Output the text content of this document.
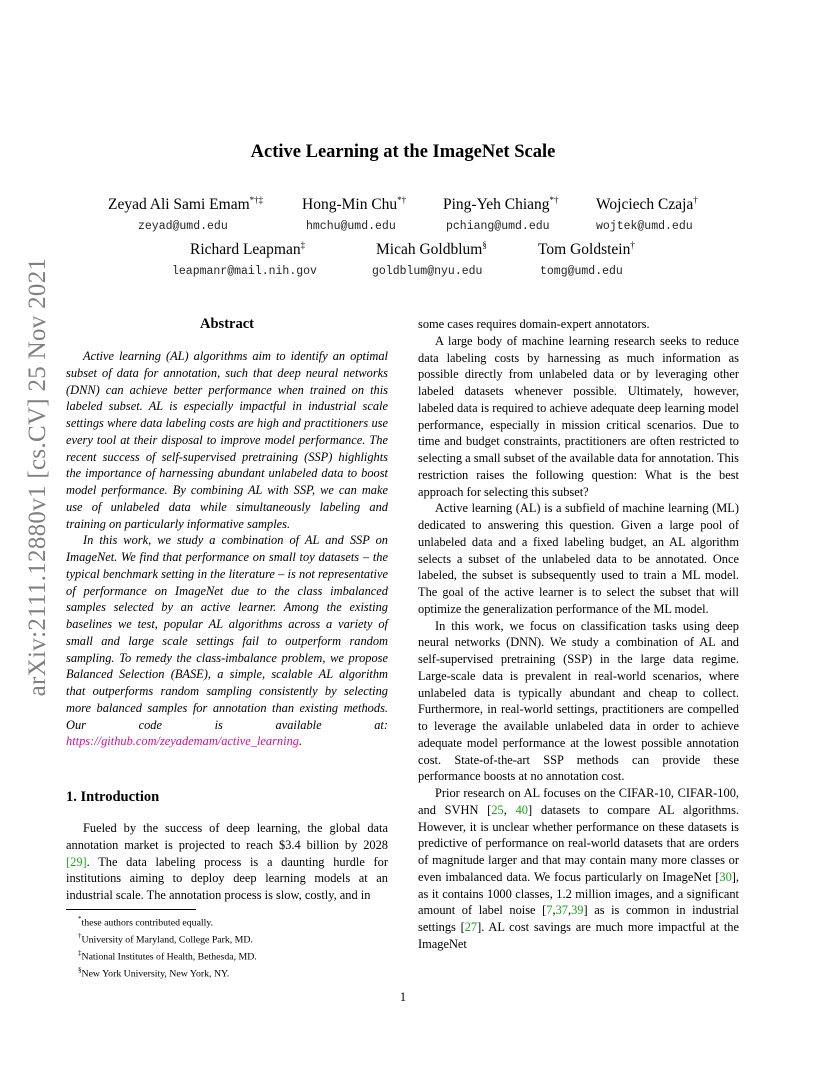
arXiv:2111.12880v1 [cs.CV] 25 Nov 2021
Active Learning at the ImageNet Scale
Zeyad Ali Sami Emam*†‡
zeyad@umd.edu
Hong-Min Chu*†
hmchu@umd.edu
Ping-Yeh Chiang*†
pchiang@umd.edu
Wojciech Czaja†
wojtek@umd.edu
Richard Leapman‡
leapmanr@mail.nih.gov
Micah Goldblum§
goldblum@nyu.edu
Tom Goldstein†
tomg@umd.edu
Abstract

Active learning (AL) algorithms aim to identify an optimal subset of data for annotation, such that deep neural networks (DNN) can achieve better performance when trained on this labeled subset. AL is especially impactful in industrial scale settings where data labeling costs are high and practitioners use every tool at their disposal to improve model performance. The recent success of self-supervised pretraining (SSP) highlights the importance of harnessing abundant unlabeled data to boost model performance. By combining AL with SSP, we can make use of unlabeled data while simultaneously labeling and training on particularly informative samples.

In this work, we study a combination of AL and SSP on ImageNet. We find that performance on small toy datasets – the typical benchmark setting in the literature – is not representative of performance on ImageNet due to the class imbalanced samples selected by an active learner. Among the existing baselines we test, popular AL algorithms across a variety of small and large scale settings fail to outperform random sampling. To remedy the class-imbalance problem, we propose Balanced Selection (BASE), a simple, scalable AL algorithm that outperforms random sampling consistently by selecting more balanced samples for annotation than existing methods. Our code is available at: https://github.com/zeyademam/active_learning.

1. Introduction

Fueled by the success of deep learning, the global data annotation market is projected to reach $3.4 billion by 2028 [29]. The data labeling process is a daunting hurdle for institutions aiming to deploy deep learning models at an industrial scale. The annotation process is slow, costly, and in

some cases requires domain-expert annotators.

A large body of machine learning research seeks to reduce data labeling costs by harnessing as much information as possible directly from unlabeled data or by leveraging other labeled datasets whenever possible. Ultimately, however, labeled data is required to achieve adequate deep learning model performance, especially in mission critical scenarios. Due to time and budget constraints, practitioners are often restricted to selecting a small subset of the available data for annotation. This restriction raises the following question: What is the best approach for selecting this subset?

Active learning (AL) is a subfield of machine learning (ML) dedicated to answering this question. Given a large pool of unlabeled data and a fixed labeling budget, an AL algorithm selects a subset of the unlabeled data to be annotated. Once labeled, the subset is subsequently used to train a ML model. The goal of the active learner is to select the subset that will optimize the generalization performance of the ML model.

In this work, we focus on classification tasks using deep neural networks (DNN). We study a combination of AL and self-supervised pretraining (SSP) in the large data regime. Large-scale data is prevalent in real-world scenarios, where unlabeled data is typically abundant and cheap to collect. Furthermore, in real-world settings, practitioners are compelled to leverage the available unlabeled data in order to achieve adequate model performance at the lowest possible annotation cost. State-of-the-art SSP methods can provide these performance boosts at no annotation cost.

Prior research on AL focuses on the CIFAR-10, CIFAR-100, and SVHN [25, 40] datasets to compare AL algorithms. However, it is unclear whether performance on these datasets is predictive of performance on real-world datasets that are orders of magnitude larger and that may contain many more classes or even imbalanced data. We focus particularly on ImageNet [30], as it contains 1000 classes, 1.2 million images, and a significant amount of label noise [7,37,39] as is common in industrial settings [27]. AL cost savings are much more impactful at the ImageNet

*these authors contributed equally.
†University of Maryland, College Park, MD.
‡National Institutes of Health, Bethesda, MD.
§New York University, New York, NY.
1
